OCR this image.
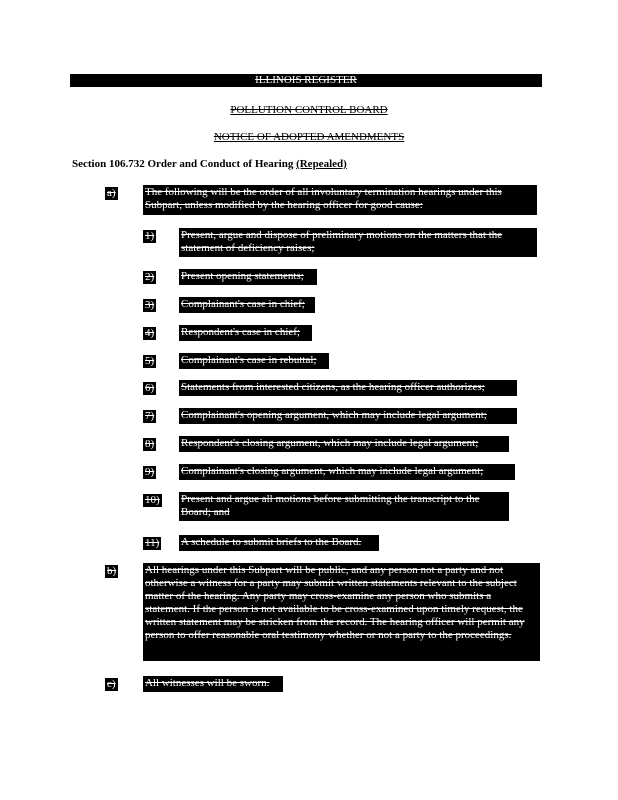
ILLINOIS REGISTER
POLLUTION CONTROL BOARD
NOTICE OF ADOPTED AMENDMENTS
Section 106.732 Order and Conduct of Hearing (Repealed)
a)	The following will be the order of all involuntary termination hearings under this Subpart, unless modified by the hearing officer for good cause:
1) Present, argue and dispose of preliminary motions on the matters that the statement of deficiency raises;
2) Present opening statements;
3) Complainant's case in chief;
4) Respondent's case in chief;
5) Complainant's case in rebuttal;
6) Statements from interested citizens, as the hearing officer authorizes;
7) Complainant's opening argument, which may include legal argument;
8) Respondent's closing argument, which may include legal argument;
9) Complainant's closing argument, which may include legal argument;
10) Present and argue all motions before submitting the transcript to the Board; and
11) A schedule to submit briefs to the Board.
b)	All hearings under this Subpart will be public, and any person not a party and not otherwise a witness for a party may submit written statements relevant to the subject matter of the hearing. Any party may cross-examine any person who submits a statement. If the person is not available to be cross-examined upon timely request, the written statement may be stricken from the record. The hearing officer will permit any person to offer reasonable oral testimony whether or not a party to the proceedings.
c)	All witnesses will be sworn.
